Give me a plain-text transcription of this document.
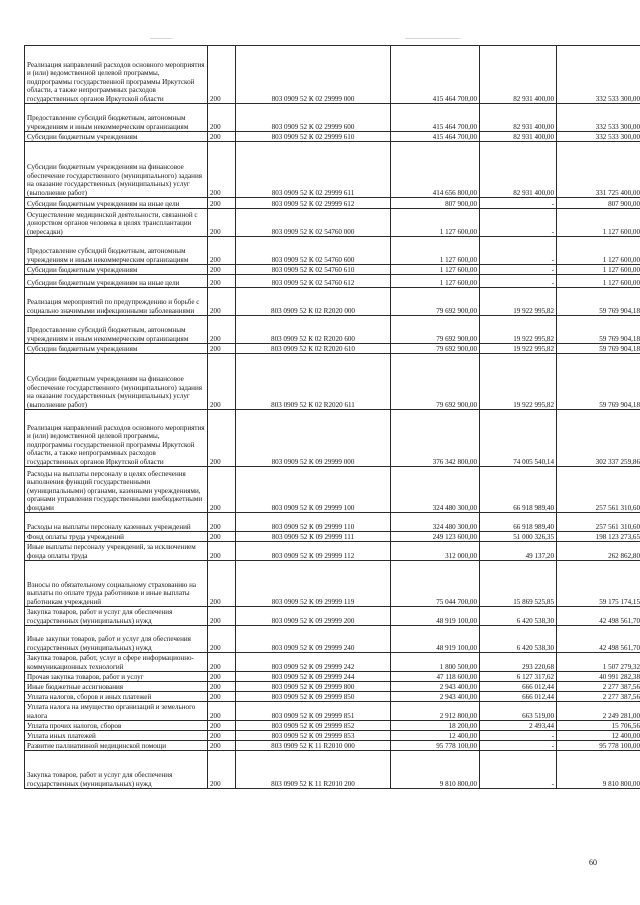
Реализация направлений расходов основного мероприятия и (или) ведомственной целевой программы, подпрограммы государственной программы Иркутской области, а также непрограммных расходов государственных органов Иркутской области	200	803 0909 52 К 02 29999 000	415 464 700,00	82 931 400,00	332 533 300,00
Предоставление субсидий бюджетным, автономным учреждениям и иным некоммерческим организациям	200	803 0909 52 К 02 29999 600	415 464 700,00	82 931 400,00	332 533 300,00
Субсидии бюджетным учреждениям	200	803 0909 52 К 02 29999 610	415 464 700,00	82 931 400,00	332 533 300,00
Субсидии бюджетным учреждениям на финансовое обеспечение государственного (муниципального) задания на оказание государственных (муниципальных) услуг (выполнение работ)	200	803 0909 52 К 02 29999 611	414 656 800,00	82 931 400,00	331 725 400,00
Субсидии бюджетным учреждениям на иные цели	200	803 0909 52 К 02 29999 612	807 900,00	-	807 900,00
Осуществление медицинской деятельности, связанной с донорством органов человека в целях трансплантации (пересадки)	200	803 0909 52 К 02 54760 000	1 127 600,00	-	1 127 600,00
Предоставление субсидий бюджетным, автономным учреждениям и иным некоммерческим организациям	200	803 0909 52 К 02 54760 600	1 127 600,00	-	1 127 600,00
Субсидии бюджетным учреждениям	200	803 0909 52 К 02 54760 610	1 127 600,00	-	1 127 600,00
Субсидии бюджетным учреждениям на иные цели	200	803 0909 52 К 02 54760 612	1 127 600,00	-	1 127 600,00
Реализация мероприятий по предупреждению и борьбе с социально значимыми инфекционными заболеваниями	200	803 0909 52 К 02 R2020 000	79 692 900,00	19 922 995,82	59 769 904,18
Предоставление субсидий бюджетным, автономным учреждениям и иным некоммерческим организациям	200	803 0909 52 К 02 R2020 600	79 692 900,00	19 922 995,82	59 769 904,18
Субсидии бюджетным учреждениям	200	803 0909 52 К 02 R2020 610	79 692 900,00	19 922 995,82	59 769 904,18
Субсидии бюджетным учреждениям на финансовое обеспечение государственного (муниципального) задания на оказание государственных (муниципальных) услуг (выполнение работ)	200	803 0909 52 К 02 R2020 611	79 692 900,00	19 922 995,82	59 769 904,18
Реализация направлений расходов основного мероприятия и (или) ведомственной целевой программы, подпрограммы государственной программы Иркутской области, а также непрограммных расходов государственных органов Иркутской области	200	803 0909 52 К 09 29999 000	376 342 800,00	74 005 540,14	302 337 259,86
Расходы на выплаты персоналу в целях обеспечения выполнения функций государственными (муниципальными) органами, казенными учреждениями, органами управления государственными внебюджетными фондами	200	803 0909 52 К 09 29999 100	324 480 300,00	66 918 989,40	257 561 310,60
Расходы на выплаты персоналу казенных учреждений	200	803 0909 52 К 09 29999 110	324 480 300,00	66 918 989,40	257 561 310,60
Фонд оплаты труда учреждений	200	803 0909 52 К 09 29999 111	249 123 600,00	51 000 326,35	198 123 273,65
Иные выплаты персоналу учреждений, за исключением фонда оплаты труда	200	803 0909 52 К 09 29999 112	312 000,00	49 137,20	262 862,80
Взносы по обязательному социальному страхованию на выплаты по оплате труда работников и иные выплаты работникам учреждений	200	803 0909 52 К 09 29999 119	75 044 700,00	15 869 525,85	59 175 174,15
Закупка товаров, работ и услуг для обеспечения государственных (муниципальных) нужд	200	803 0909 52 К 09 29999 200	48 919 100,00	6 420 538,30	42 498 561,70
Иные закупки товаров, работ и услуг для обеспечения государственных (муниципальных) нужд	200	803 0909 52 К 09 29999 240	48 919 100,00	6 420 538,30	42 498 561,70
Закупка товаров, работ, услуг в сфере информационно-коммуникационных технологий	200	803 0909 52 К 09 29999 242	1 800 500,00	293 220,68	1 507 279,32
Прочая закупка товаров, работ и услуг	200	803 0909 52 К 09 29999 244	47 118 600,00	6 127 317,62	40 991 282,38
Иные бюджетные ассигнования	200	803 0909 52 К 09 29999 800	2 943 400,00	666 012,44	2 277 387,56
Уплата налогов, сборов и иных платежей	200	803 0909 52 К 09 29999 850	2 943 400,00	666 012,44	2 277 387,56
Уплата налога на имущество организаций и земельного налога	200	803 0909 52 К 09 29999 851	2 912 800,00	663 519,00	2 249 281,00
Уплата прочих налогов, сборов	200	803 0909 52 К 09 29999 852	18 200,00	2 493,44	15 706,56
Уплата иных платежей	200	803 0909 52 К 09 29999 853	12 400,00	-	12 400,00
Развитие паллиативной медицинской помощи	200	803 0909 52 К 11 R2010 000	95 778 100,00	-	95 778 100,00
Закупка товаров, работ и услуг для обеспечения государственных (муниципальных) нужд	200	803 0909 52 К 11 R2010 200	9 810 800,00	-	9 810 800,00
60
